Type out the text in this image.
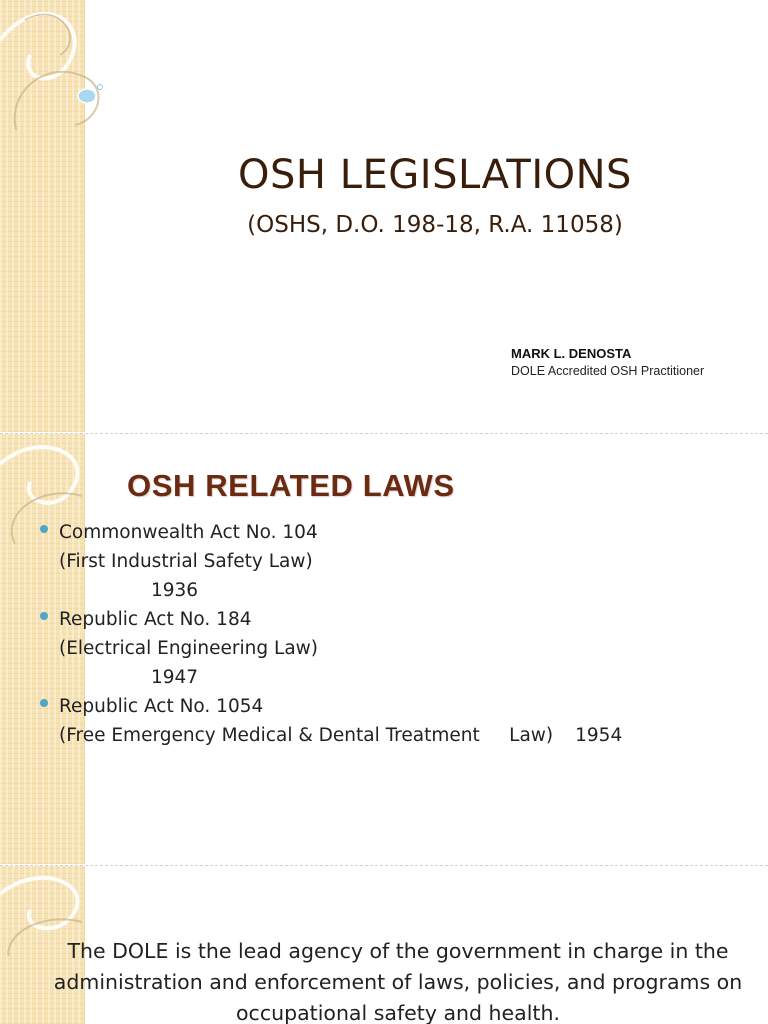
OSH LEGISLATIONS

(OSHS, D.O. 198-18, R.A. 11058)

MARK L. DENOSTA
DOLE Accredited OSH Practitioner
OSH RELATED LAWS
Commonwealth Act No. 104
(First Industrial Safety Law)
1936
Republic Act No. 184
(Electrical Engineering Law)
1947
Republic Act No. 1054
(Free Emergency Medical & Dental Treatment     Law) 1954

The DOLE is the lead agency of the government in charge in the administration and enforcement of laws, policies, and programs on occupational safety and health.
